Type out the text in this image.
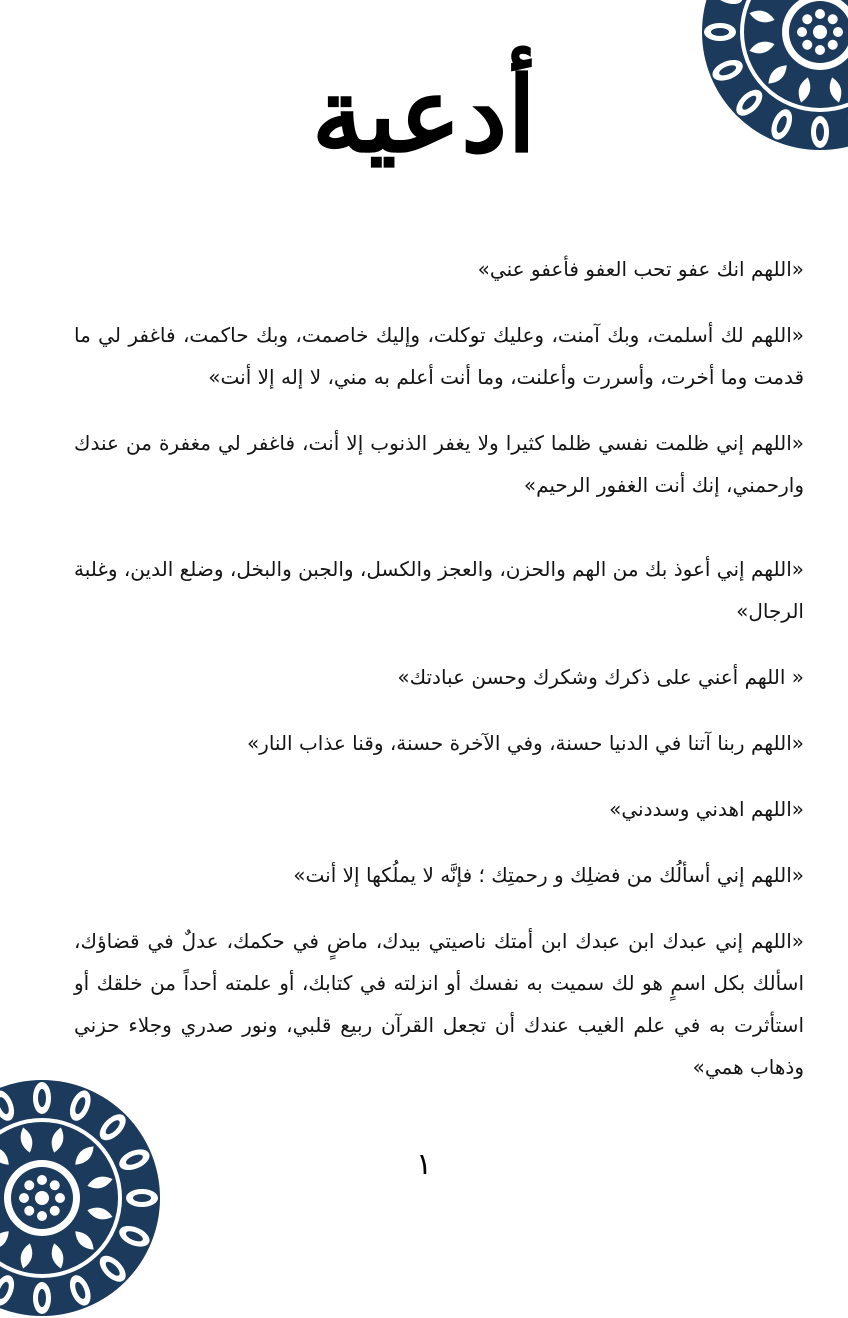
أدعية

«اللهم انك عفو تحب العفو فأعفو عني»

«اللهم لك أسلمت، وبك آمنت، وعليك توكلت، وإليك خاصمت، وبك حاكمت، فاغفر لي ما قدمت وما أخرت، وأسررت وأعلنت، وما أنت أعلم به مني، لا إله إلا أنت»

«اللهم إني ظلمت نفسي ظلما كثيرا ولا يغفر الذنوب إلا أنت، فاغفر لي مغفرة من عندك وارحمني، إنك أنت الغفور الرحيم»

«اللهم إني أعوذ بك من الهم والحزن، والعجز والكسل، والجبن والبخل، وضلع الدين، وغلبة الرجال»

« اللهم أعني على ذكرك وشكرك وحسن عبادتك»

«اللهم ربنا آتنا في الدنيا حسنة، وفي الآخرة حسنة، وقنا عذاب النار»

«اللهم اهدني وسددني»

«اللهم إني أسألُك من فضلِك و رحمتِك ؛ فإنَّه لا يملُكها إلا أنت»

«اللهم إني عبدك ابن عبدك ابن أمتك ناصيتي بيدك، ماضٍ في حكمك، عدلٌ في قضاؤك، اسألك بكل اسمٍ هو لك سميت به نفسك أو انزلته في كتابك، أو علمته أحداً من خلقك أو استأثرت به في علم الغيب عندك أن تجعل القرآن ربيع قلبي، ونور صدري وجلاء حزني وذهاب همي»

١
